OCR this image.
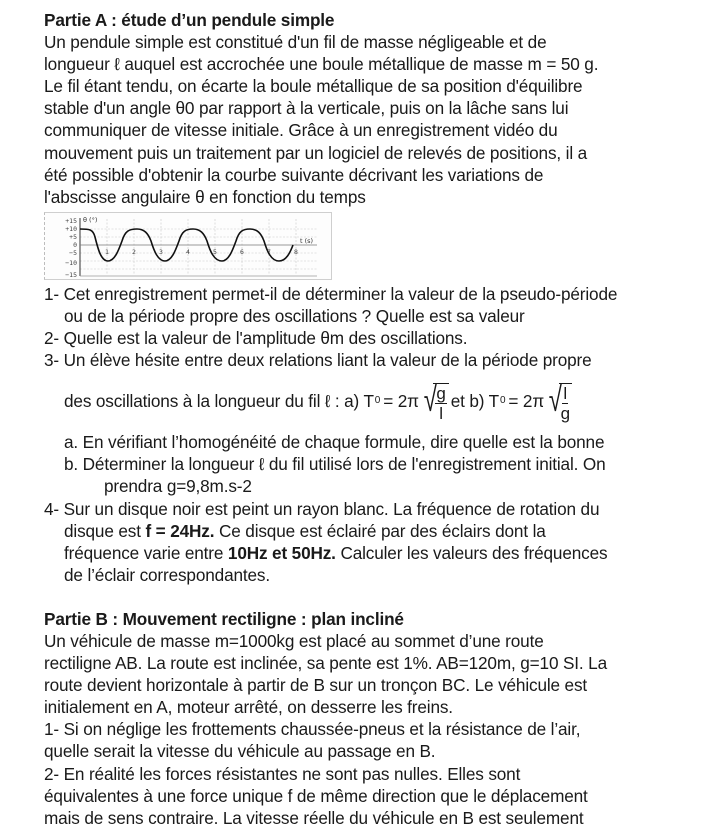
Partie A : étude d’un pendule simple
Un pendule simple est constitué d'un fil de masse négligeable et de
longueur ℓ auquel est accrochée une boule métallique de masse m = 50 g.
Le fil étant tendu, on écarte la boule métallique de sa position d'équilibre
stable d'un angle θ0 par rapport à la verticale, puis on la lâche sans lui
communiquer de vitesse initiale. Grâce à un enregistrement vidéo du
mouvement puis un traitement par un logiciel de relevés de positions, il a
été possible d'obtenir la courbe suivante décrivant les variations de
l'abscisse angulaire θ en fonction du temps
+15
+10
+5
0
−5
−10
−15
1	2	3	4	5	6	7	8
θ (°)
t (s)
1- Cet enregistrement permet-il de déterminer la valeur de la pseudo-période
ou de la période propre des oscillations ? Quelle est sa valeur
2- Quelle est la valeur de l'amplitude θm des oscillations.
3- Un élève hésite entre deux relations liant la valeur de la période propre
des oscillations à la longueur du fil ℓ : a) T 0 = 2π √
$\frac{g}{l}$ et b) T 0 = 2π √
$\frac{l}{g}$
a. En vérifiant l’homogénéité de chaque formule, dire quelle est la bonne
b. Déterminer la longueur ℓ du fil utilisé lors de l'enregistrement initial. On
prendra g=9,8m.s-2
4- Sur un disque noir est peint un rayon blanc. La fréquence de rotation du
disque est f = 24Hz. Ce disque est éclairé par des éclairs dont la
fréquence varie entre 10Hz et 50Hz. Calculer les valeurs des fréquences
de l’éclair correspondantes.
Partie B : Mouvement rectiligne : plan incliné
Un véhicule de masse m=1000kg est placé au sommet d’une route
rectiligne AB. La route est inclinée, sa pente est 1%. AB=120m, g=10 SI. La
route devient horizontale à partir de B sur un tronçon BC. Le véhicule est
initialement en A, moteur arrêté, on desserre les freins.
1- Si on néglige les frottements chaussée-pneus et la résistance de l’air,
quelle serait la vitesse du véhicule au passage en B.
2- En réalité les forces résistantes ne sont pas nulles. Elles sont
équivalentes à une force unique f de même direction que le déplacement
mais de sens contraire. La vitesse réelle du véhicule en B est seulement
